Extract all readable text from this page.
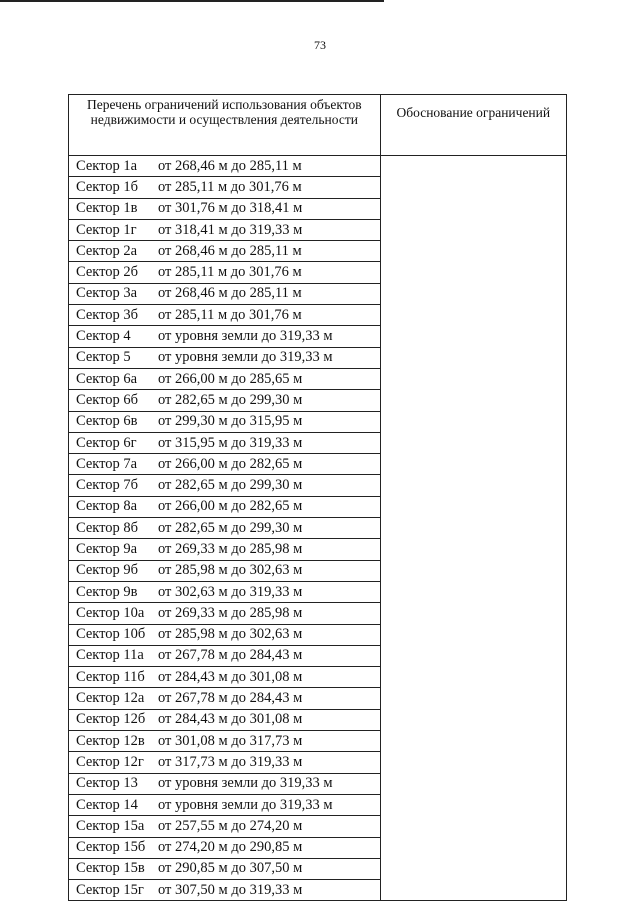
73
Перечень ограничений использования объектов недвижимости и осуществления деятельности	Обоснование ограничений
Сектор 1а от 268,46 м до 285,11 м	
Сектор 1б от 285,11 м до 301,76 м	
Сектор 1в от 301,76 м до 318,41 м	
Сектор 1г от 318,41 м до 319,33 м	
Сектор 2а от 268,46 м до 285,11 м	
Сектор 2б от 285,11 м до 301,76 м	
Сектор 3а от 268,46 м до 285,11 м	
Сектор 3б от 285,11 м до 301,76 м	
Сектор 4 от уровня земли до 319,33 м	
Сектор 5 от уровня земли до 319,33 м	
Сектор 6а от 266,00 м до 285,65 м	
Сектор 6б от 282,65 м до 299,30 м	
Сектор 6в от 299,30 м до 315,95 м	
Сектор 6г от 315,95 м до 319,33 м	
Сектор 7а от 266,00 м до 282,65 м	
Сектор 7б от 282,65 м до 299,30 м	
Сектор 8а от 266,00 м до 282,65 м	
Сектор 8б от 282,65 м до 299,30 м	
Сектор 9а от 269,33 м до 285,98 м	
Сектор 9б от 285,98 м до 302,63 м	
Сектор 9в от 302,63 м до 319,33 м	
Сектор 10а от 269,33 м до 285,98 м	
Сектор 10б от 285,98 м до 302,63 м	
Сектор 11а от 267,78 м до 284,43 м	
Сектор 11б от 284,43 м до 301,08 м	
Сектор 12а от 267,78 м до 284,43 м	
Сектор 12б от 284,43 м до 301,08 м	
Сектор 12в от 301,08 м до 317,73 м	
Сектор 12г от 317,73 м до 319,33 м	
Сектор 13 от уровня земли до 319,33 м	
Сектор 14 от уровня земли до 319,33 м	
Сектор 15а от 257,55 м до 274,20 м	
Сектор 15б от 274,20 м до 290,85 м	
Сектор 15в от 290,85 м до 307,50 м	
Сектор 15г от 307,50 м до 319,33 м	
